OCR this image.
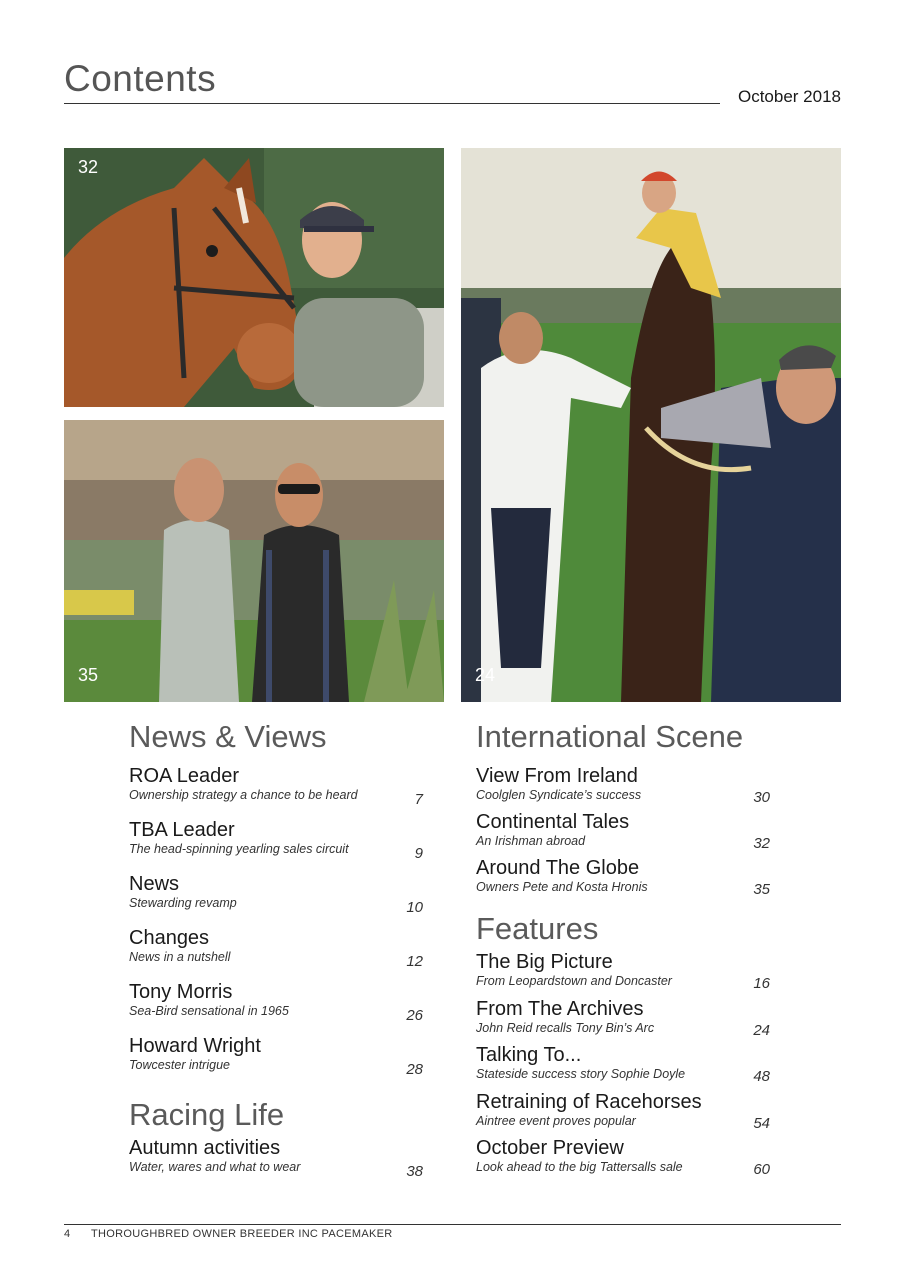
Contents	October 2018
32
35	24
News & Views
ROA Leader
Ownership strategy a chance to be heard	7
TBA Leader
The head-spinning yearling sales circuit	9
News
Stewarding revamp	10
Changes
News in a nutshell	12
Tony Morris
Sea-Bird sensational in 1965	26
Howard Wright
Towcester intrigue	28
Racing Life
Autumn activities
Water, wares and what to wear	38
International Scene
View From Ireland
Coolglen Syndicate’s success	30
Continental Tales
An Irishman abroad	32
Around The Globe
Owners Pete and Kosta Hronis	35
Features
The Big Picture
From Leopardstown and Doncaster	16
From The Archives
John Reid recalls Tony Bin’s Arc	24
Talking To...
Stateside success story Sophie Doyle	48
Retraining of Racehorses
Aintree event proves popular	54
October Preview
Look ahead to the big Tattersalls sale	60
4 THOROUGHBRED OWNER BREEDER INC PACEMAKER
